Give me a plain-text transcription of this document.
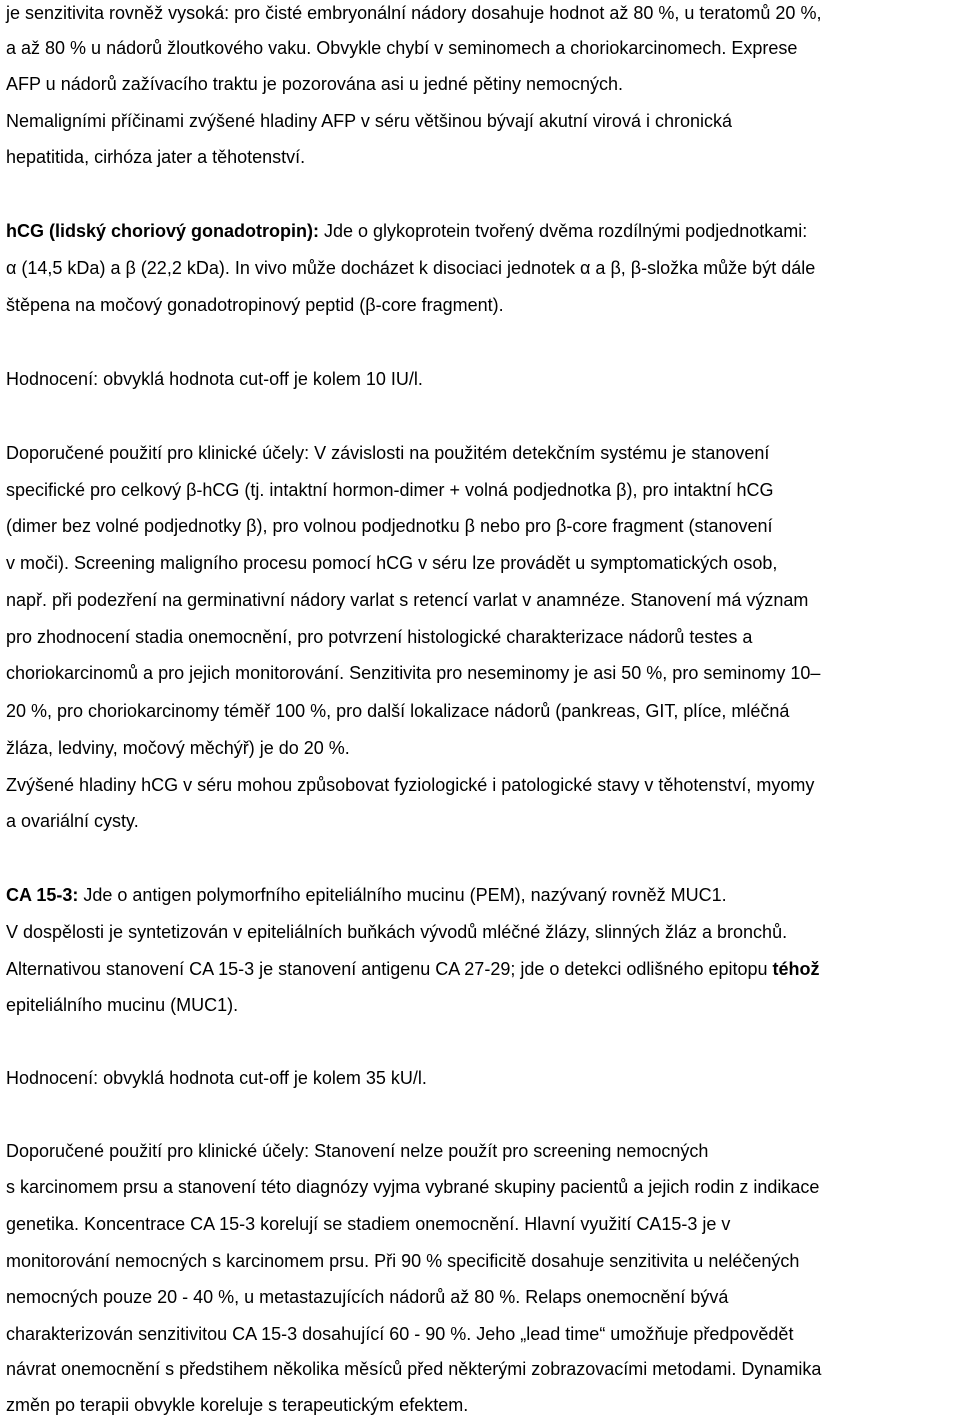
je senzitivita rovněž vysoká: pro čisté embryonální nádory dosahuje hodnot až 80 %, u teratomů 20 %,
a až 80 % u nádorů žloutkového vaku. Obvykle chybí v seminomech a choriokarcinomech. Exprese
AFP u nádorů zažívacího traktu je pozorována asi u jedné pětiny nemocných.
Nemaligními příčinami zvýšené hladiny AFP v séru většinou bývají akutní virová i chronická
hepatitida, cirhóza jater a těhotenství.
hCG (lidský choriový gonadotropin): Jde o glykoprotein tvořený dvěma rozdílnými podjednotkami:
α (14,5 kDa) a β (22,2 kDa). In vivo může docházet k disociaci jednotek α a β, β-složka může být dále
štěpena na močový gonadotropinový peptid (β-core fragment).
Hodnocení: obvyklá hodnota cut-off je kolem 10 IU/l.
Doporučené použití pro klinické účely: V závislosti na použitém detekčním systému je stanovení
specifické pro celkový β-hCG (tj. intaktní hormon-dimer + volná podjednotka β), pro intaktní hCG
(dimer bez volné podjednotky β), pro volnou podjednotku β nebo pro β-core fragment (stanovení
v moči). Screening maligního procesu pomocí hCG v séru lze provádět u symptomatických osob,
např. při podezření na germinativní nádory varlat s retencí varlat v anamnéze. Stanovení má význam
pro zhodnocení stadia onemocnění, pro potvrzení histologické charakterizace nádorů testes a
choriokarcinomů a pro jejich monitorování. Senzitivita pro neseminomy je asi 50 %, pro seminomy 10–
20 %, pro choriokarcinomy téměř 100 %, pro další lokalizace nádorů (pankreas, GIT, plíce, mléčná
žláza, ledviny, močový měchýř) je do 20 %.
Zvýšené hladiny hCG v séru mohou způsobovat fyziologické i patologické stavy v těhotenství, myomy
a ovariální cysty.
CA 15-3: Jde o antigen polymorfního epiteliálního mucinu (PEM), nazývaný rovněž MUC1.
V dospělosti je syntetizován v epiteliálních buňkách vývodů mléčné žlázy, slinných žláz a bronchů.
Alternativou stanovení CA 15-3 je stanovení antigenu CA 27-29; jde o detekci odlišného epitopu téhož
epiteliálního mucinu (MUC1).
Hodnocení: obvyklá hodnota cut-off je kolem 35 kU/l.
Doporučené použití pro klinické účely: Stanovení nelze použít pro screening nemocných
s karcinomem prsu a stanovení této diagnózy vyjma vybrané skupiny pacientů a jejich rodin z indikace
genetika. Koncentrace CA 15-3 korelují se stadiem onemocnění. Hlavní využití CA15-3 je v
monitorování nemocných s karcinomem prsu. Při 90 % specificitě dosahuje senzitivita u neléčených
nemocných pouze 20 - 40 %, u metastazujících nádorů až 80 %. Relaps onemocnění bývá
charakterizován senzitivitou CA 15-3 dosahující 60 - 90 %. Jeho „lead time“ umožňuje předpovědět
návrat onemocnění s předstihem několika měsíců před některými zobrazovacími metodami. Dynamika
změn po terapii obvykle koreluje s terapeutickým efektem.
